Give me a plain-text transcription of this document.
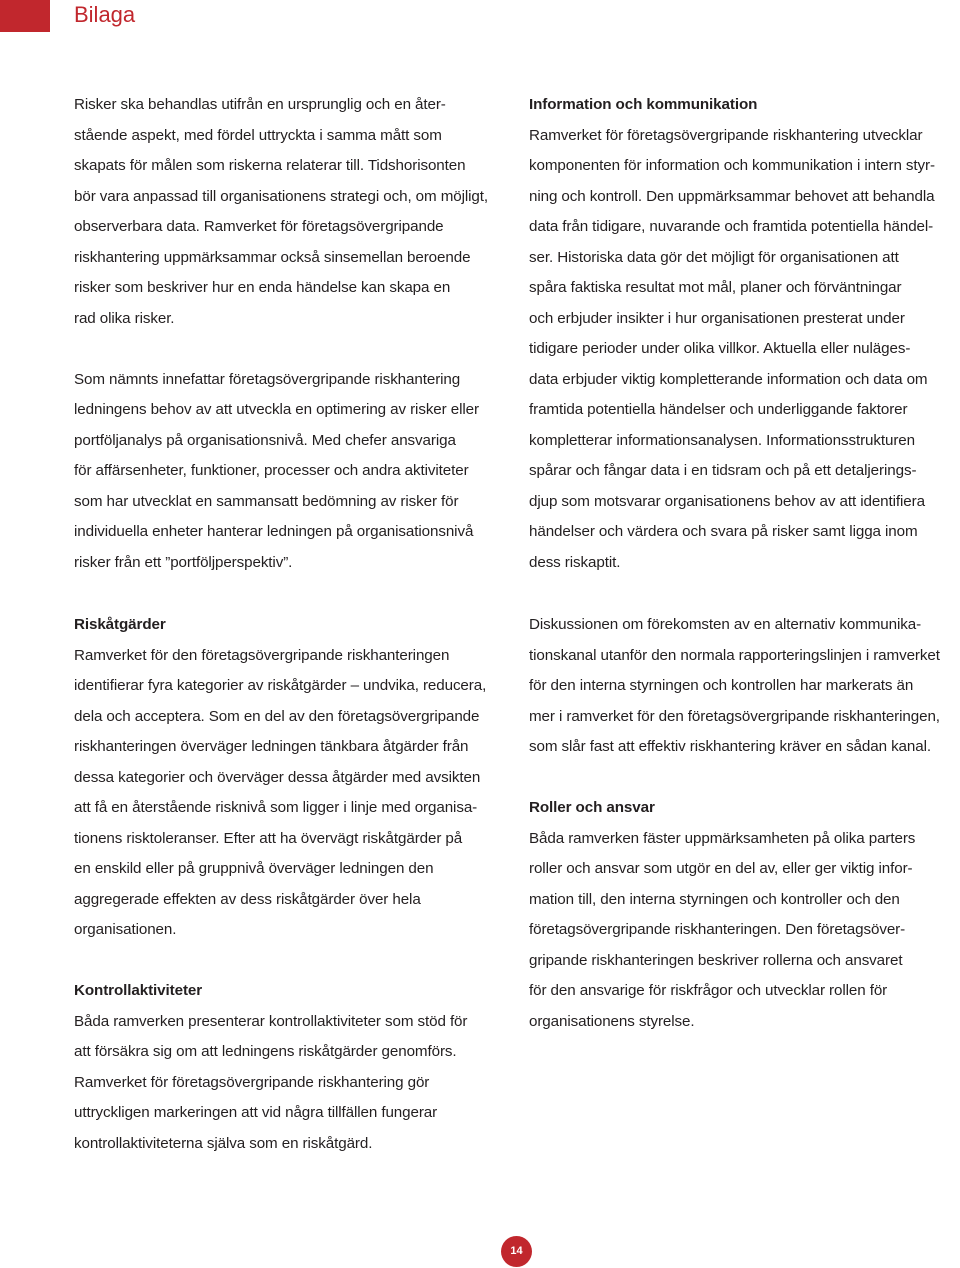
Bilaga

Risker ska behandlas utifrån en ursprunglig och en åter-

stående aspekt, med fördel uttryckta i samma mått som

skapats för målen som riskerna relaterar till. Tidshorisonten

bör vara anpassad till organisationens strategi och, om möjligt,

observerbara data. Ramverket för företagsövergripande

riskhantering uppmärksammar också sinsemellan beroende

risker som beskriver hur en enda händelse kan skapa en

rad olika risker.

Som nämnts innefattar företagsövergripande riskhantering

ledningens behov av att utveckla en optimering av risker eller

portföljanalys på organisationsnivå. Med chefer ansvariga

för affärsenheter, funktioner, processer och andra aktiviteter

som har utvecklat en sammansatt bedömning av risker för

individuella enheter hanterar ledningen på organisationsnivå

risker från ett ”portföljperspektiv”.

Information och kommunikation

Ramverket för företagsövergripande riskhantering utvecklar

komponenten för information och kommunikation i intern styr-

ning och kontroll. Den uppmärksammar behovet att behandla

data från tidigare, nuvarande och framtida potentiella händel-

ser. Historiska data gör det möjligt för organisationen att

spåra faktiska resultat mot mål, planer och förväntningar

och erbjuder insikter i hur organisationen presterat under

tidigare perioder under olika villkor. Aktuella eller nuläges-

data erbjuder viktig kompletterande information och data om

framtida potentiella händelser och underliggande faktorer

kompletterar informationsanalysen. Informationsstrukturen

spårar och fångar data i en tidsram och på ett detaljerings-

djup som motsvarar organisationens behov av att identifiera

händelser och värdera och svara på risker samt ligga inom

dess riskaptit.

Riskåtgärder

Ramverket för den företagsövergripande riskhanteringen

identifierar fyra kategorier av riskåtgärder – undvika, reducera,

dela och acceptera. Som en del av den företagsövergripande

riskhanteringen överväger ledningen tänkbara åtgärder från

dessa kategorier och överväger dessa åtgärder med avsikten

att få en återstående risknivå som ligger i linje med organisa-

tionens risktoleranser. Efter att ha övervägt riskåtgärder på

en enskild eller på gruppnivå överväger ledningen den

aggregerade effekten av dess riskåtgärder över hela

organisationen.

Kontrollaktiviteter

Båda ramverken presenterar kontrollaktiviteter som stöd för

att försäkra sig om att ledningens riskåtgärder genomförs.

Ramverket för företagsövergripande riskhantering gör

uttryckligen markeringen att vid några tillfällen fungerar

kontrollaktiviteterna själva som en riskåtgärd.

Diskussionen om förekomsten av en alternativ kommunika-

tionskanal utanför den normala rapporteringslinjen i ramverket

för den interna styrningen och kontrollen har markerats än

mer i ramverket för den företagsövergripande riskhanteringen,

som slår fast att effektiv riskhantering kräver en sådan kanal.

Roller och ansvar

Båda ramverken fäster uppmärksamheten på olika parters

roller och ansvar som utgör en del av, eller ger viktig infor-

mation till, den interna styrningen och kontroller och den

företagsövergripande riskhanteringen. Den företagsöver-

gripande riskhanteringen beskriver rollerna och ansvaret

för den ansvarige för riskfrågor och utvecklar rollen för

organisationens styrelse.

14
